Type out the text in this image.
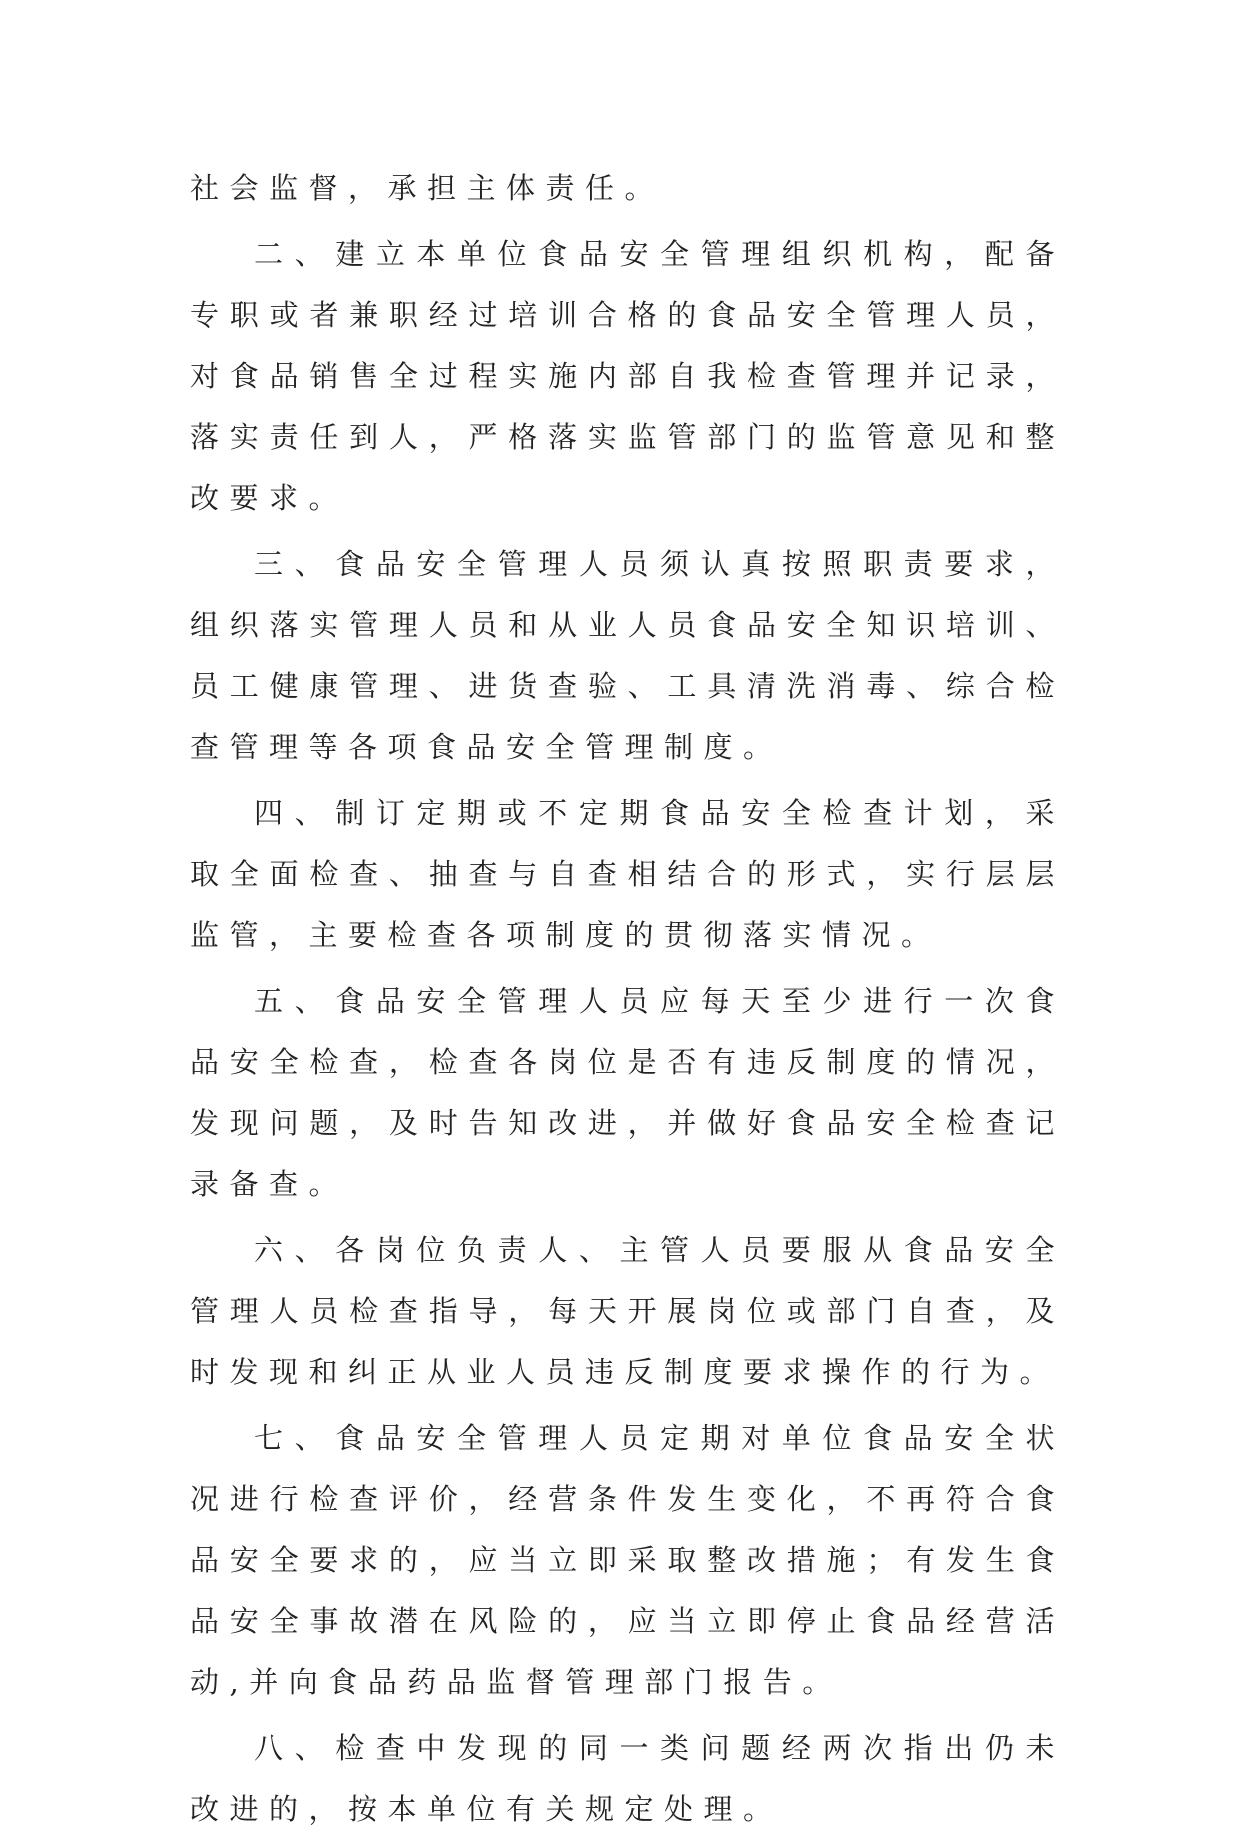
社会监督，承担主体责任。

二、建立本单位食品安全管理组织机构，配备专职或者兼职经过培训合格的食品安全管理人员，对食品销售全过程实施内部自我检查管理并记录，落实责任到人，严格落实监管部门的监管意见和整改要求。

三、食品安全管理人员须认真按照职责要求，组织落实管理人员和从业人员食品安全知识培训、员工健康管理、进货查验、工具清洗消毒、综合检查管理等各项食品安全管理制度。

四、制订定期或不定期食品安全检查计划，采取全面检查、抽查与自查相结合的形式，实行层层监管，主要检查各项制度的贯彻落实情况。

五、食品安全管理人员应每天至少进行一次食品安全检查，检查各岗位是否有违反制度的情况，发现问题，及时告知改进，并做好食品安全检查记录备查。

六、各岗位负责人、主管人员要服从食品安全管理人员检查指导，每天开展岗位或部门自查，及时发现和纠正从业人员违反制度要求操作的行为。

七、食品安全管理人员定期对单位食品安全状况进行检查评价，经营条件发生变化，不再符合食品安全要求的，应当立即采取整改措施；有发生食品安全事故潜在风险的，应当立即停止食品经营活动,并向食品药品监督管理部门报告。

八、检查中发现的同一类问题经两次指出仍未改进的，按本单位有关规定处理。
